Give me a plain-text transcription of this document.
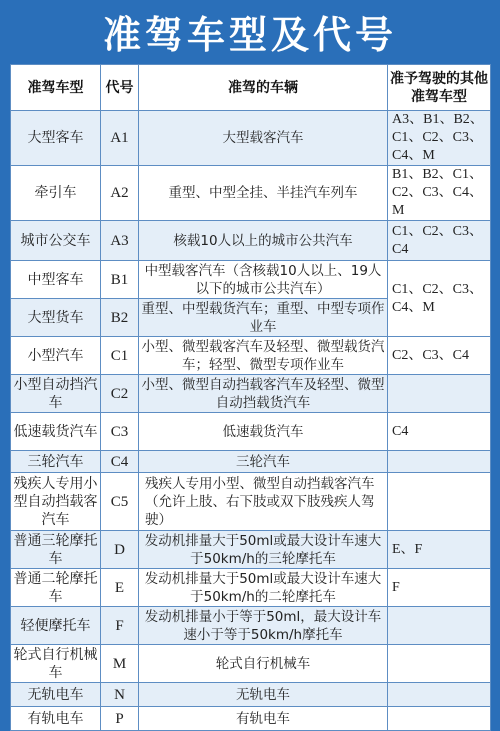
准驾车型及代号
准驾车型	代号	准驾的车辆	准予驾驶的其他准驾车型
大型客车	A1	大型载客汽车	A3、B1、B2、C1、C2、C3、C4、M
牵引车	A2	重型、中型全挂、半挂汽车列车	B1、B2、C1、C2、C3、C4、M
城市公交车	A3	核载10人以上的城市公共汽车	C1、C2、C3、C4
中型客车	B1	中型载客汽车（含核载10人以上、19人以下的城市公共汽车）	C1、C2、C3、C4、M
大型货车	B2	重型、中型载货汽车；重型、中型专项作业车	
小型汽车	C1	小型、微型载客汽车及轻型、微型载货汽车；轻型、微型专项作业车	C2、C3、C4
小型自动挡汽车	C2	小型、微型自动挡载客汽车及轻型、微型自动挡载货汽车	
低速载货汽车	C3	低速载货汽车	C4
三轮汽车	C4	三轮汽车	
残疾人专用小型自动挡载客汽车	C5	残疾人专用小型、微型自动挡载客汽车（允许上肢、右下肢或双下肢残疾人驾驶）	
普通三轮摩托车	D	发动机排量大于50ml或最大设计车速大于50km/h的三轮摩托车	E、F
普通二轮摩托车	E	发动机排量大于50ml或最大设计车速大于50km/h的二轮摩托车	F
轻便摩托车	F	发动机排量小于等于50ml，最大设计车速小于等于50km/h摩托车	
轮式自行机械车	M	轮式自行机械车	
无轨电车	N	无轨电车	
有轨电车	P	有轨电车	
